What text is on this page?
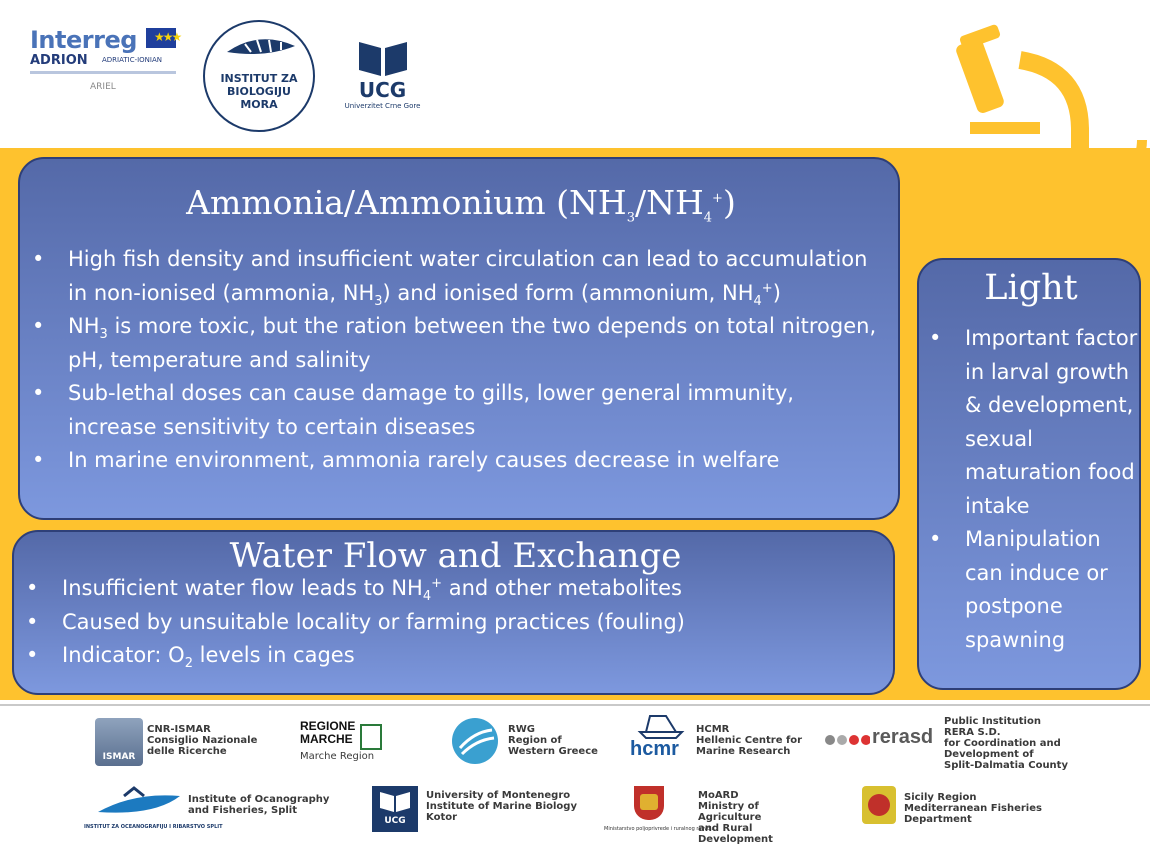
Interreg ★★★
ADRION ADRIATIC-IONIAN
ARIEL
INSTITUT ZA
BIOLOGIJU
MORA
UCG
Univerzitet Crne Gore
Ammonia/Ammonium $(NH_3/NH_4^+)$
• High fish density and insufficient water circulation can lead to accumulation in non-ionised (ammonia, $NH_3$) and ionised form (ammonium, $NH_4^+$)
• $NH_3$ is more toxic, but the ration between the two depends on total nitrogen, pH, temperature and salinity
• Sub-lethal doses can cause damage to gills, lower general immunity, increase sensitivity to certain diseases
• In marine environment, ammonia rarely causes decrease in welfare
Water Flow and Exchange
• Insufficient water flow leads to $NH_4^+$ and other metabolites
• Caused by unsuitable locality or farming practices (fouling)
• Indicator: $O_2$ levels in cages
Light
• Important factor in larval growth & development, sexual maturation food intake
• Manipulation can induce or postpone spawning
ISMAR
CNR-ISMAR
Consiglio Nazionale
delle Ricerche
REGIONE
MARCHE
Marche Region
RWG
Region of
Western Greece hcmr
HCMR
Hellenic Centre for
Marine Research
rerasd
Public Institution
RERA S.D.
for Coordination and
Development of
Split-Dalmatia County
INSTITUT ZA OCEANOGRAFIJU I RIBARSTVO SPLIT
Institute of Ocanography
and Fisheries, Split
UCG
University of Montenegro
Institute of Marine Biology
Kotor
Ministarstvo poljoprivrede i ruralnog razvoja
MoARD
Ministry of Agriculture
and Rural Development
Sicily Region
Mediterranean Fisheries
Department
